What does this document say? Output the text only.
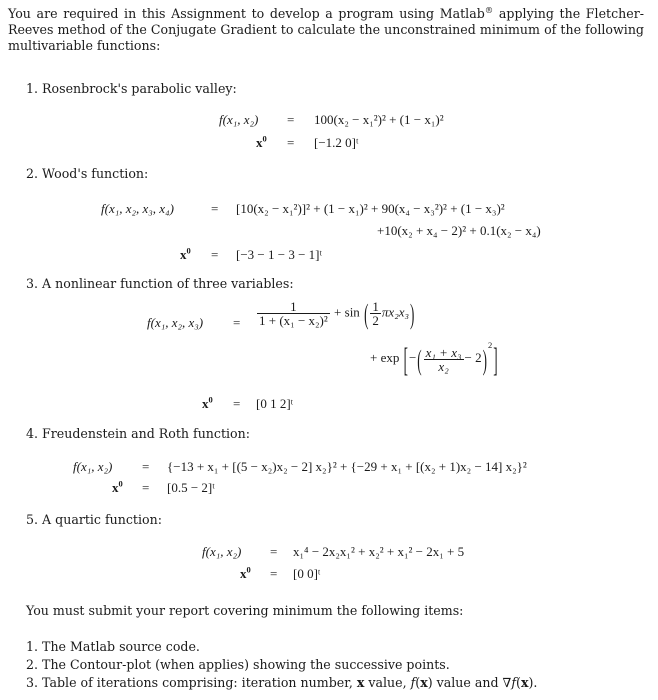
You are required in this Assignment to develop a program using Matlab® applying the Fletcher-Reeves method of the Conjugate Gradient to calculate the unconstrained minimum of the following multivariable functions:
1. Rosenbrock's parabolic valley:
f(x₁, x₂) = 100(x₂ − x₁²)² + (1 − x₁)²
$x^0 = [-1.2$ 0]ᵗ
2. Wood's function:
f(x₁, x₂, x₃, x₄)	= [10(x₂ − x₁²)]² + (1 − x₁)² + 90(x₄ − x₃²)² + (1 − x₃)²
+10(x₂ + x₄ − 2)² + 0.1(x₂ − x₄)
$x^0 = [-3 - 1 - 3$ − 1]ᵗ
3. A nonlinear function of three variables:
f(x₁, x₂, $x_3) = \frac{1}{\text{1 + (x₁ − x₂)²}} + \sin$ ( $\frac{1}{2} \pi x_2x_3$)
+ exp [−( $\frac{\text{x₁ + x₃}}{\text{x₂}} - 2)^2$]
$x^0 = [0$ 1 2]ᵗ
4. Freudenstein and Roth function:
f(x₁, x₂) = {−13 + x₁ + [(5 − x₂)x₂ − 2] x₂}² + {−29 + x₁ + [(x₂ + 1)x₂ − 14] x₂}²
$x^0 = [0.5$ − 2]ᵗ
5. A quartic function:
f(x₁, x₂) = x₁⁴ − 2x₂x₁² + x₂² + x₁² − 2x₁ + 5
$x^0 = [0$ 0]ᵗ
You must submit your report covering minimum the following items:
1. The Matlab source code.
2. The Contour-plot (when applies) showing the successive points.
3. Table of iterations comprising: iteration number, x value, f(x) value and ∇f(x).
